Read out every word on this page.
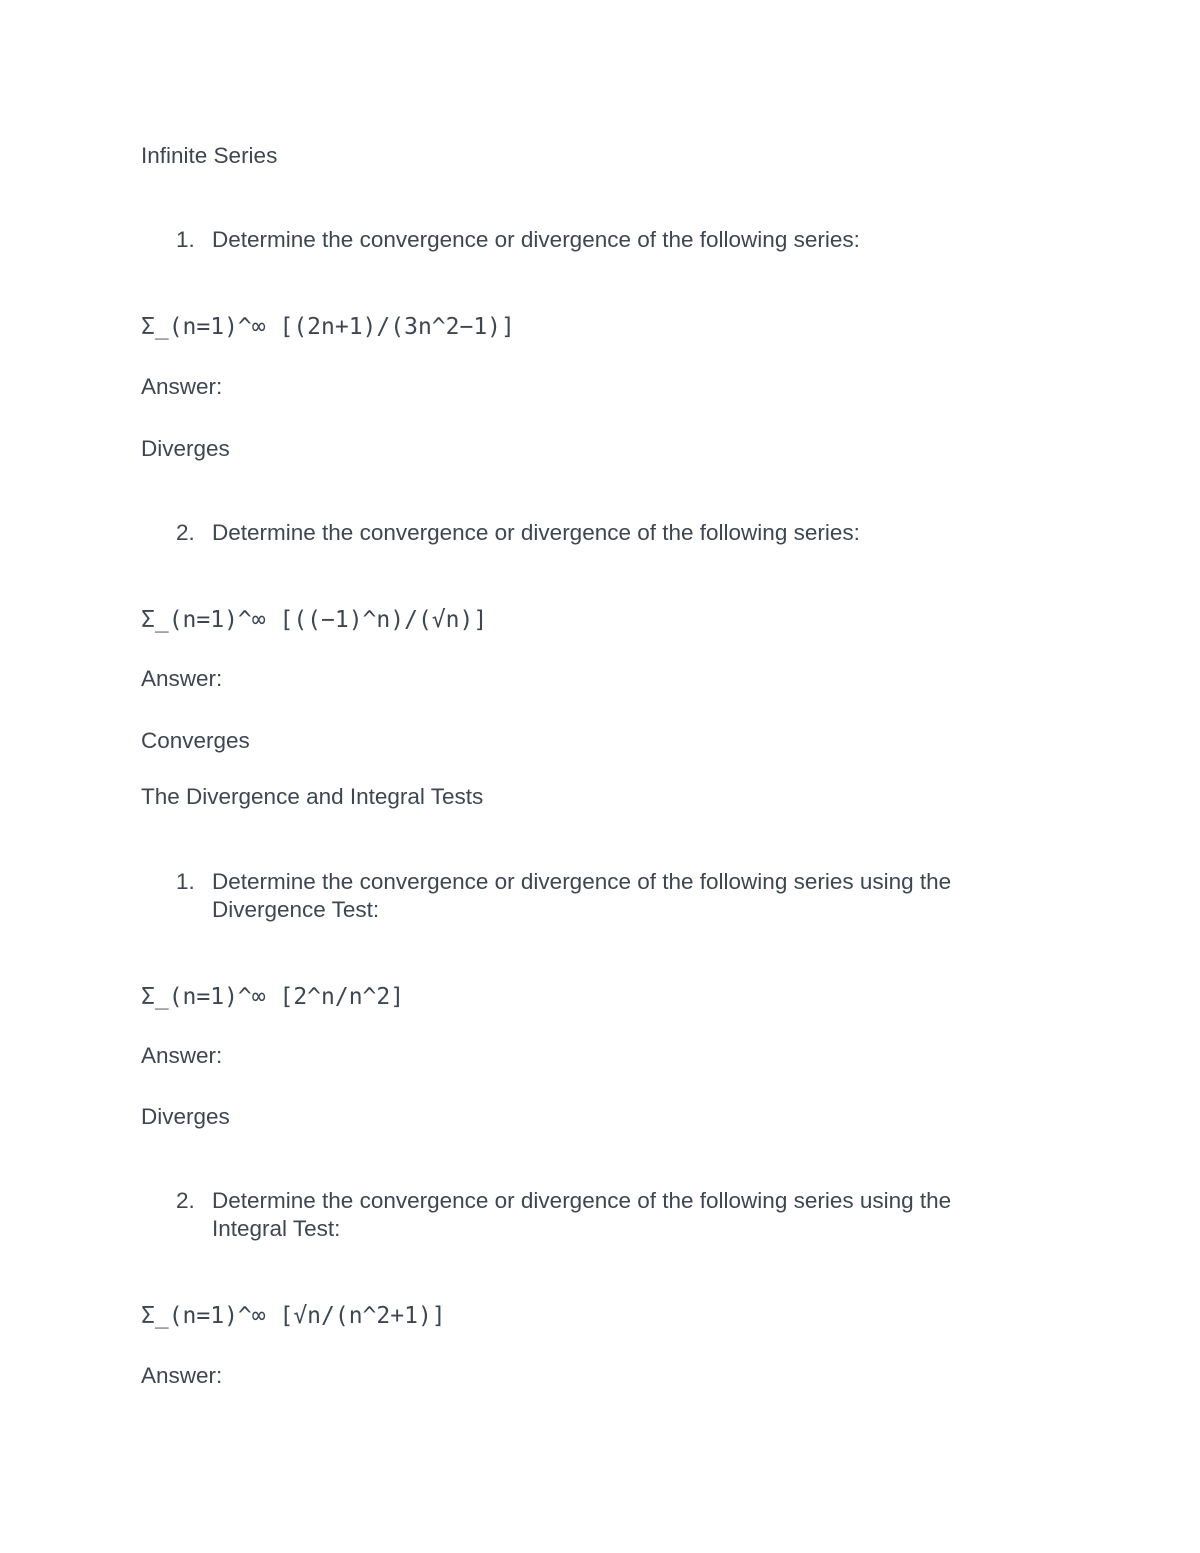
Infinite Series
1. Determine the convergence or divergence of the following series:
Σ_(n=1)^∞ [(2n+1)/(3n^2−1)]
Answer:
Diverges
2. Determine the convergence or divergence of the following series:
Σ_(n=1)^∞ [((−1)^n)/(√n)]
Answer:
Converges
The Divergence and Integral Tests
1. Determine the convergence or divergence of the following series using the Divergence Test:
Σ_(n=1)^∞ [2^n/n^2]
Answer:
Diverges
2. Determine the convergence or divergence of the following series using the Integral Test:
Σ_(n=1)^∞ [√n/(n^2+1)]
Answer:
